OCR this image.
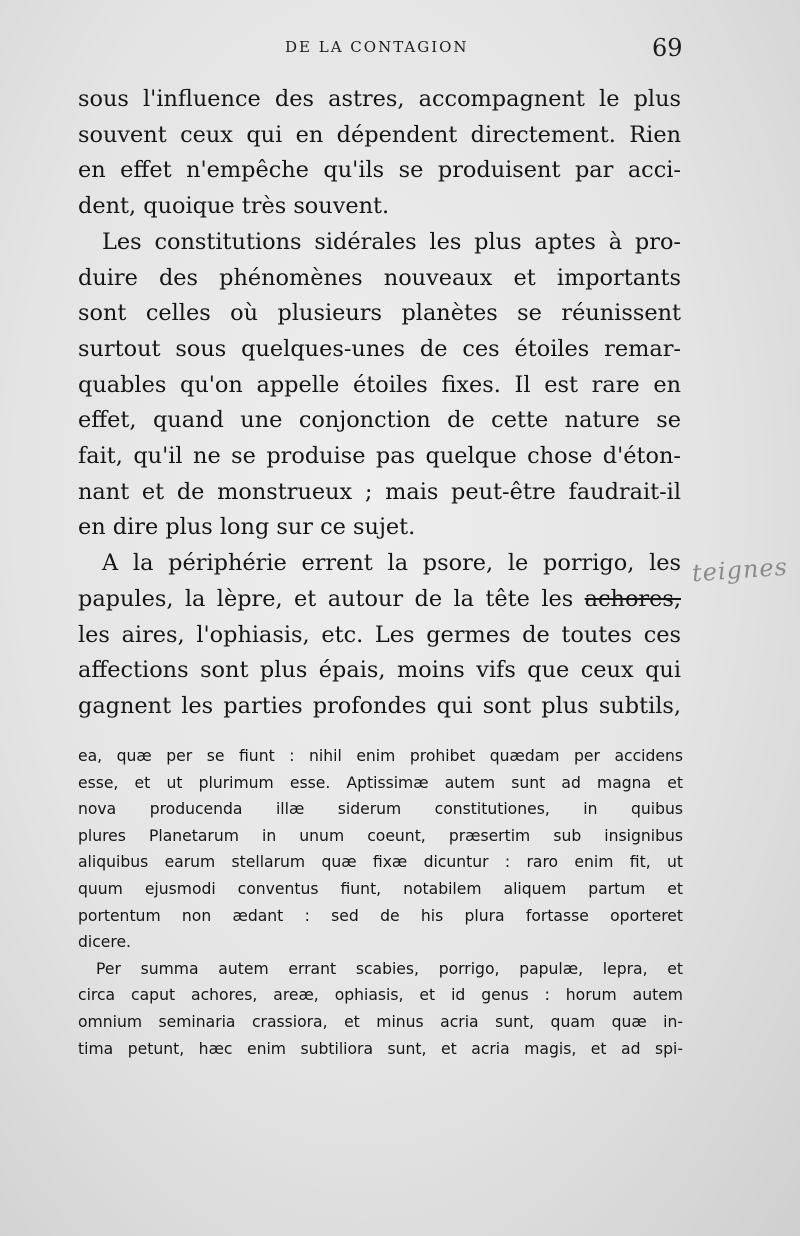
DE LA CONTAGION	69

sous l'influence des astres, accompagnent le plus
souvent ceux qui en dépendent directement. Rien
en effet n'empêche qu'ils se produisent par acci-
dent, quoique très souvent.

Les constitutions sidérales les plus aptes à pro-
duire des phénomènes nouveaux et importants
sont celles où plusieurs planètes se réunissent
surtout sous quelques-unes de ces étoiles remar-
quables qu'on appelle étoiles fixes. Il est rare en
effet, quand une conjonction de cette nature se
fait, qu'il ne se produise pas quelque chose d'éton-
nant et de monstrueux ; mais peut-être faudrait-il
en dire plus long sur ce sujet.

A la périphérie errent la psore, le porrigo, les
papules, la lèpre, et autour de la tête les achores,
les aires, l'ophiasis, etc. Les germes de toutes ces
affections sont plus épais, moins vifs que ceux qui
gagnent les parties profondes qui sont plus subtils,

teignes

ea, quæ per se fiunt : nihil enim prohibet quædam per accidens
esse, et ut plurimum esse. Aptissimæ autem sunt ad magna et
nova producenda illæ siderum constitutiones, in quibus
plures Planetarum in unum coeunt, præsertim sub insignibus
aliquibus earum stellarum quæ fixæ dicuntur : raro enim fit, ut
quum ejusmodi conventus fiunt, notabilem aliquem partum et
portentum non ædant : sed de his plura fortasse oporteret
dicere.

Per summa autem errant scabies, porrigo, papulæ, lepra, et
circa caput achores, areæ, ophiasis, et id genus : horum autem
omnium seminaria crassiora, et minus acria sunt, quam quæ in-
tima petunt, hæc enim subtiliora sunt, et acria magis, et ad spi-
